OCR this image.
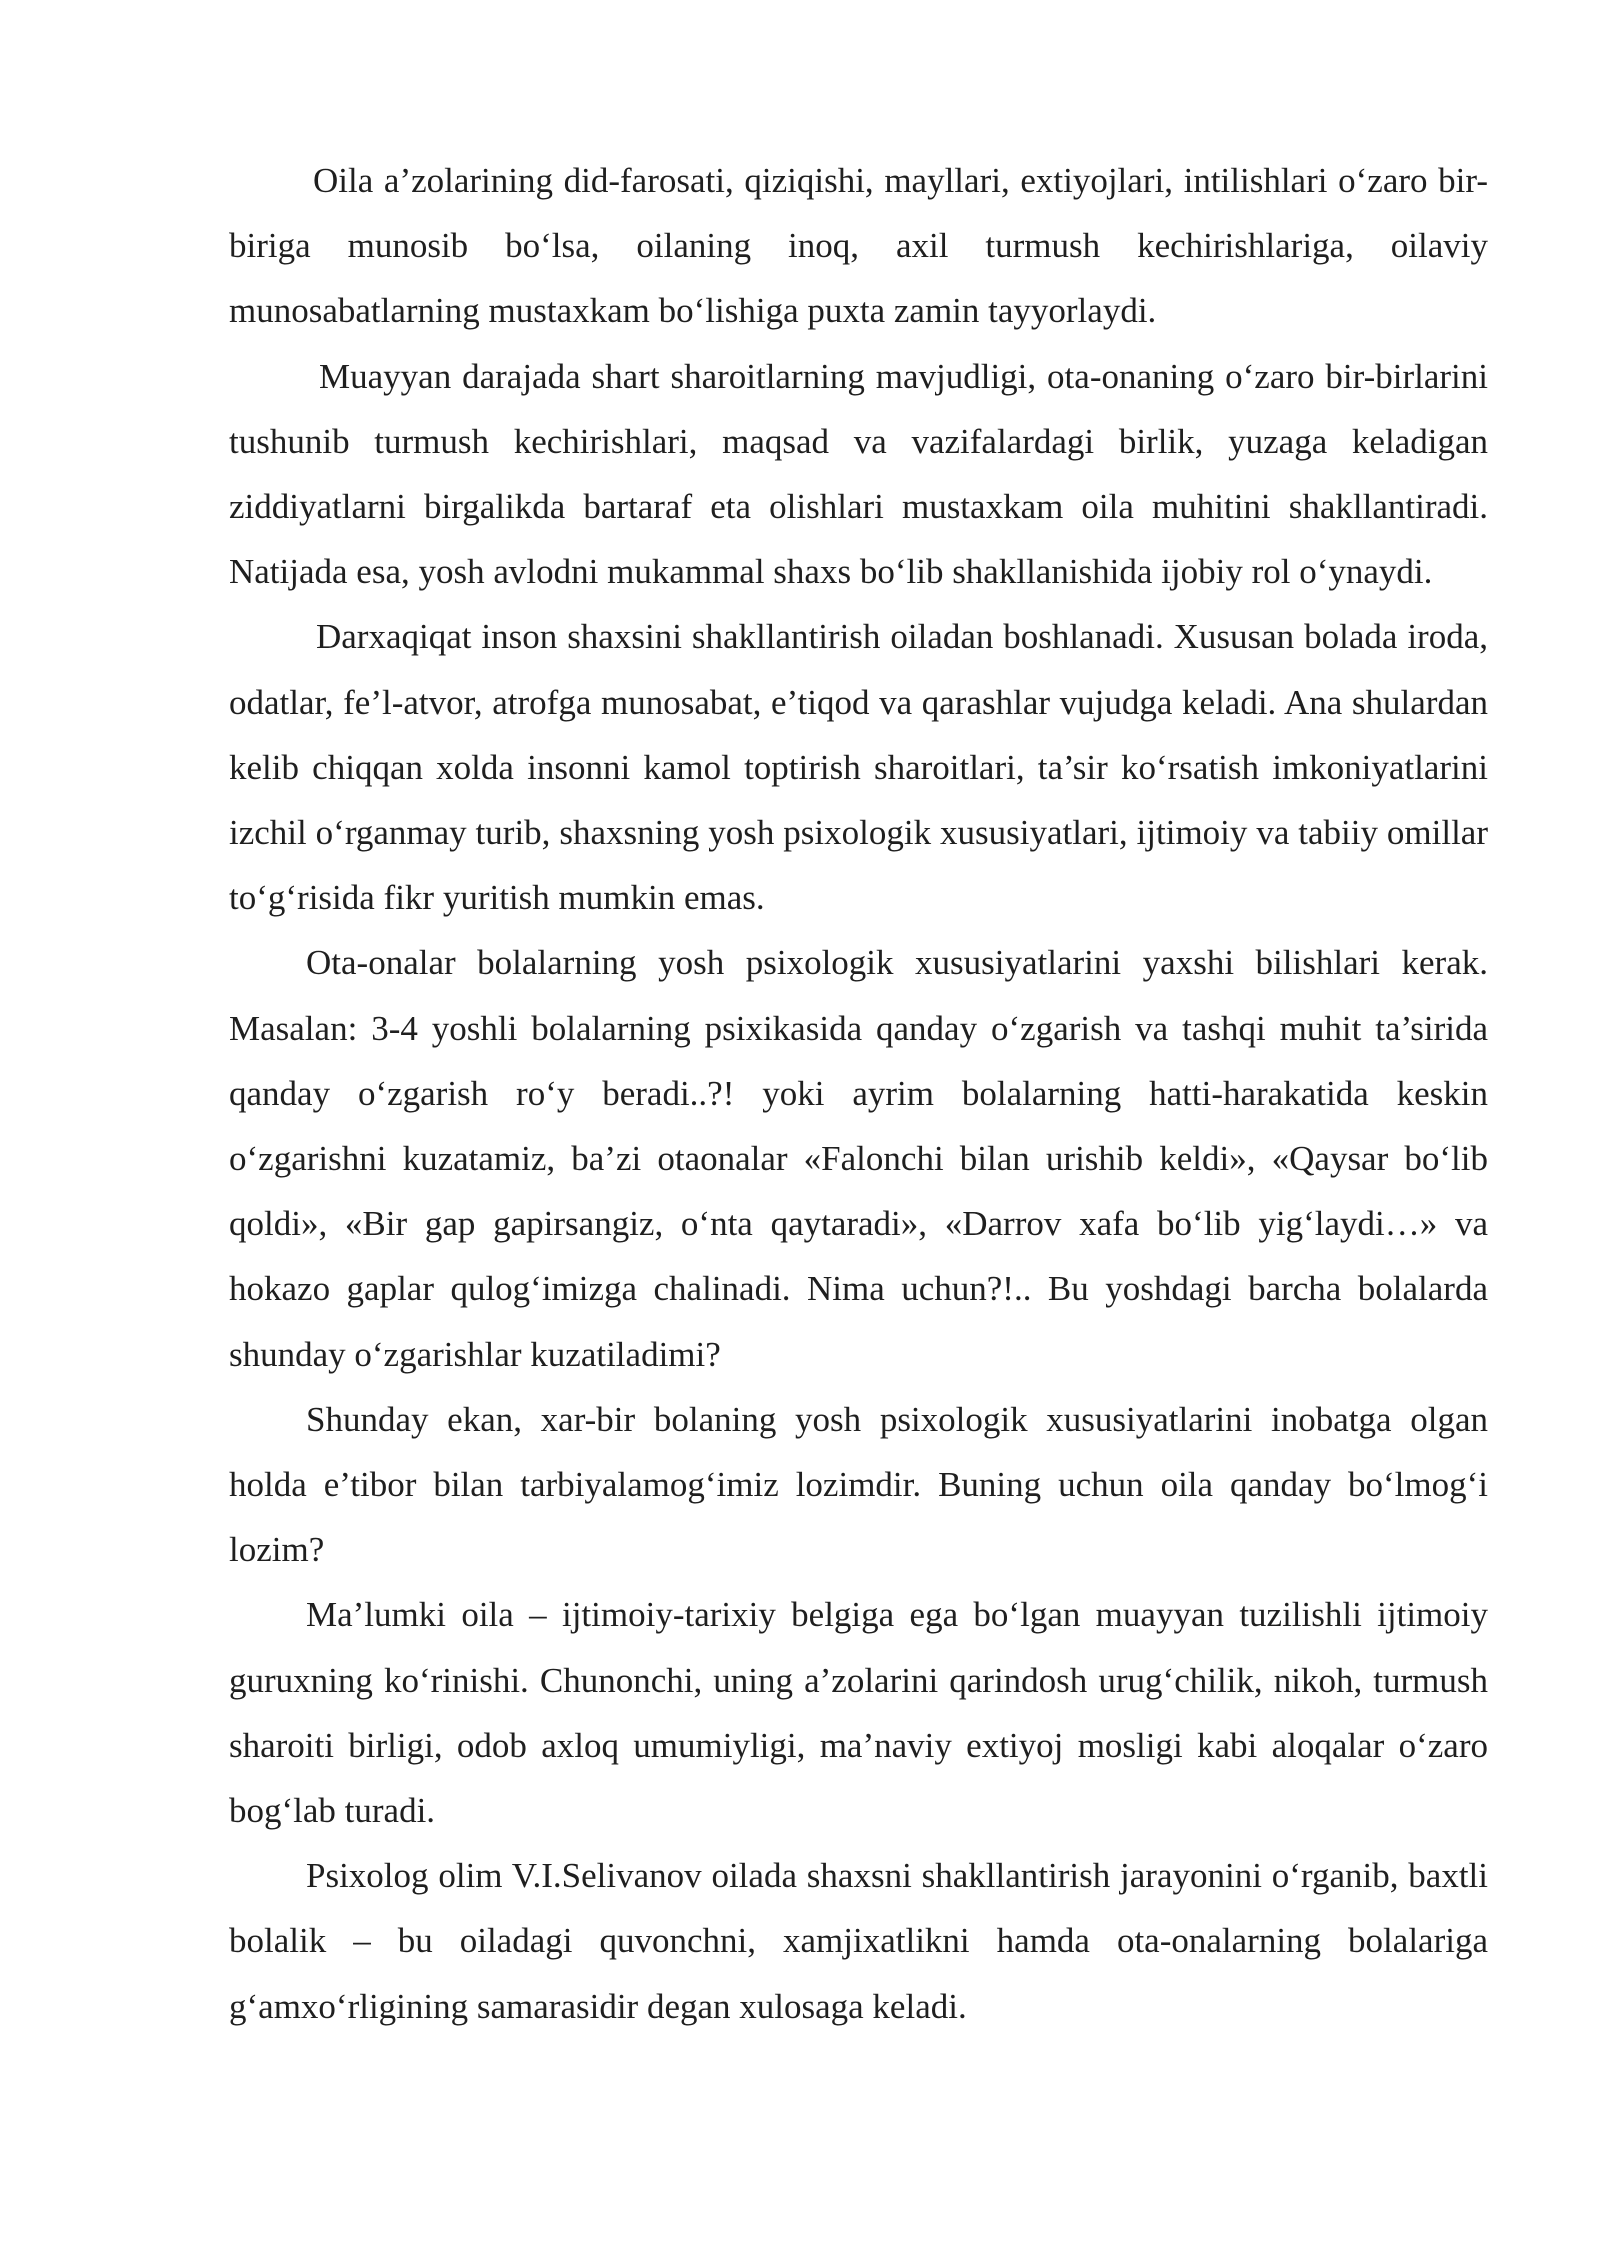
Oila a’zolarining did-farosati, qiziqishi, mayllari, extiyojlari, intilishlari o‘zaro bir-biriga munosib bo‘lsa, oilaning inoq, axil turmush kechirishlariga, oilaviy munosabatlarning mustaxkam bo‘lishiga puxta zamin tayyorlaydi.

Muayyan darajada shart sharoitlarning mavjudligi, ota-onaning o‘zaro bir-birlarini tushunib turmush kechirishlari, maqsad va vazifalardagi birlik, yuzaga keladigan ziddiyatlarni birgalikda bartaraf eta olishlari mustaxkam oila muhitini shakllantiradi. Natijada esa, yosh avlodni mukammal shaxs bo‘lib shakllanishida ijobiy rol o‘ynaydi.

Darxaqiqat inson shaxsini shakllantirish oiladan boshlanadi. Xususan bolada iroda, odatlar, fe’l-atvor, atrofga munosabat, e’tiqod va qarashlar vujudga keladi. Ana shulardan kelib chiqqan xolda insonni kamol toptirish sharoitlari, ta’sir ko‘rsatish imkoniyatlarini izchil o‘rganmay turib, shaxsning yosh psixologik xususiyatlari, ijtimoiy va tabiiy omillar to‘g‘risida fikr yuritish mumkin emas.

Ota-onalar bolalarning yosh psixologik xususiyatlarini yaxshi bilishlari kerak. Masalan: 3-4 yoshli bolalarning psixikasida qanday o‘zgarish va tashqi muhit ta’sirida qanday o‘zgarish ro‘y beradi..?! yoki ayrim bolalarning hatti-harakatida keskin o‘zgarishni kuzatamiz, ba’zi otaonalar «Falonchi bilan urishib keldi», «Qaysar bo‘lib qoldi», «Bir gap gapirsangiz, o‘nta qaytaradi», «Darrov xafa bo‘lib yig‘laydi…» va hokazo gaplar qulog‘imizga chalinadi. Nima uchun?!.. Bu yoshdagi barcha bolalarda shunday o‘zgarishlar kuzatiladimi?

Shunday ekan, xar-bir bolaning yosh psixologik xususiyatlarini inobatga olgan holda e’tibor bilan tarbiyalamog‘imiz lozimdir. Buning uchun oila qanday bo‘lmog‘i lozim?

Ma’lumki oila – ijtimoiy-tarixiy belgiga ega bo‘lgan muayyan tuzilishli ijtimoiy guruxning ko‘rinishi. Chunonchi, uning a’zolarini qarindosh urug‘chilik, nikoh, turmush sharoiti birligi, odob axloq umumiyligi, ma’naviy extiyoj mosligi kabi aloqalar o‘zaro bog‘lab turadi.

Psixolog olim V.I.Selivanov oilada shaxsni shakllantirish jarayonini o‘rganib, baxtli bolalik – bu oiladagi quvonchni, xamjixatlikni hamda ota-onalarning bolalariga g‘amxo‘rligining samarasidir degan xulosaga keladi.
